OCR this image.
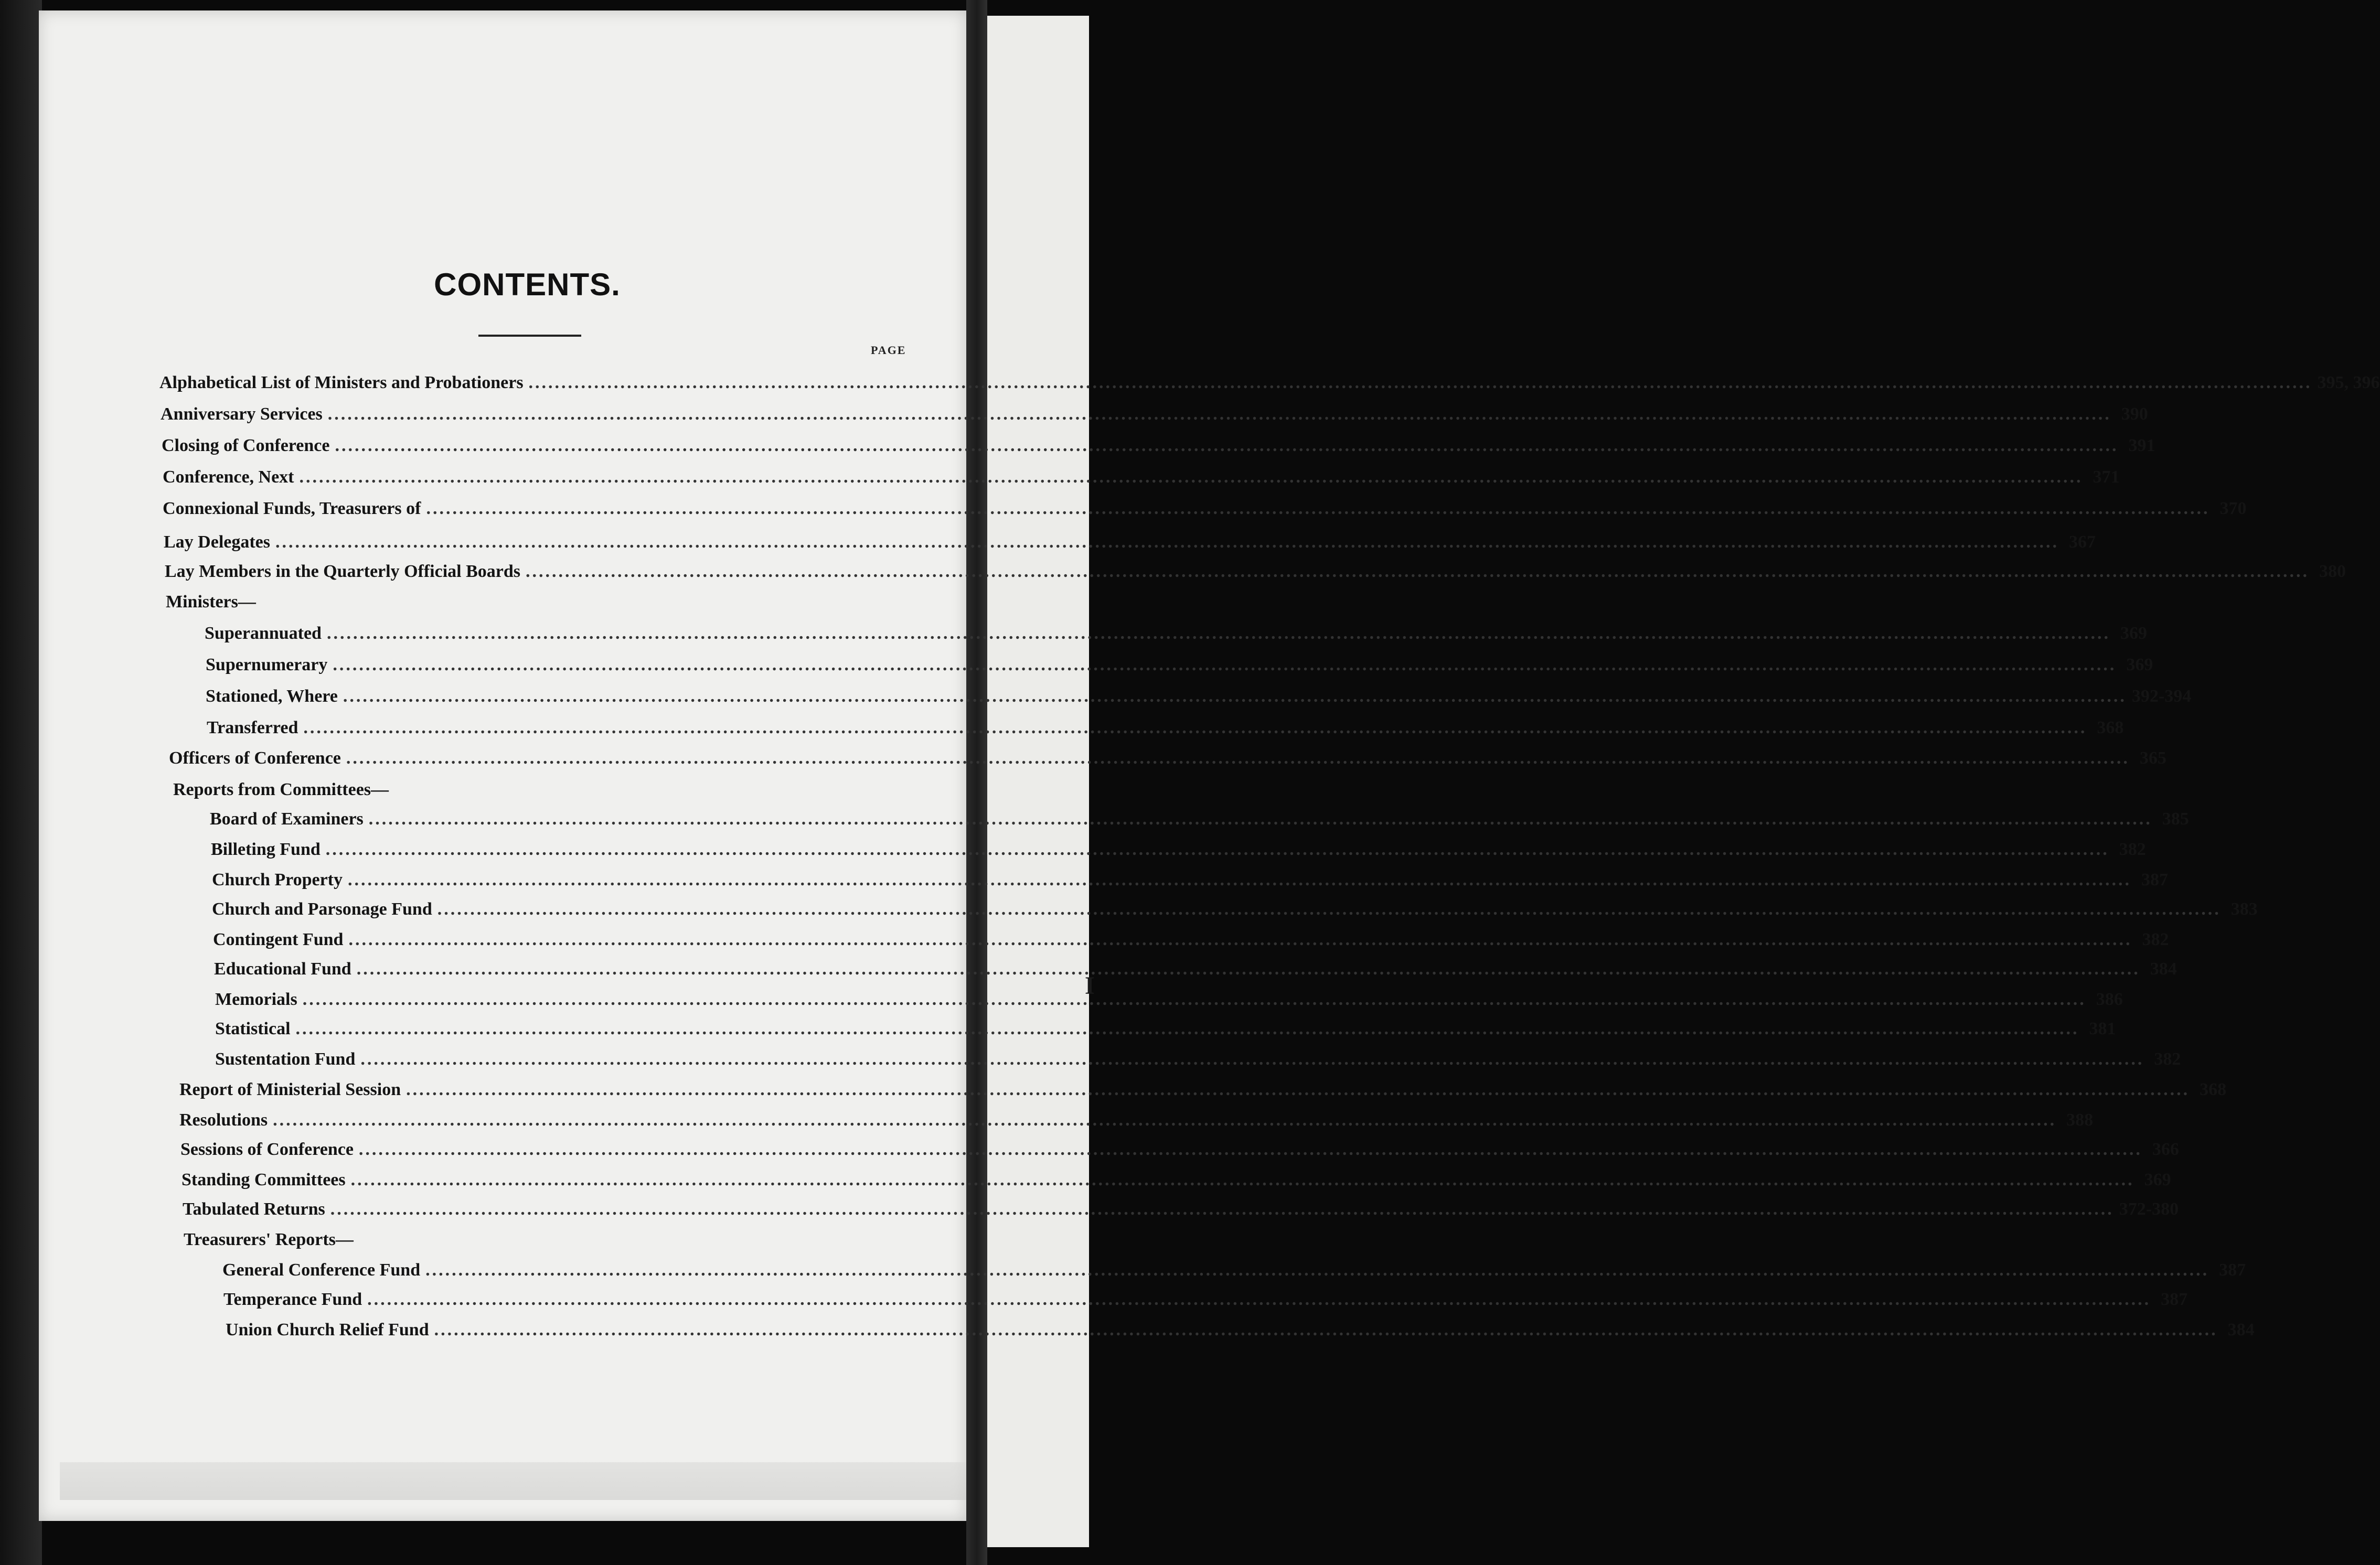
I
CONTENTS.
PAGE
Alphabetical List of Ministers and Probationers .....	395, 396
Anniversary Services .....	390
Closing of Conference .....	391
Conference, Next .....	371
Connexional Funds, Treasurers of .....	370
Lay Delegates .....	367
Lay Members in the Quarterly Official Boards .....	380
Ministers—
Superannuated .....	369
Supernumerary .....	369
Stationed, Where .....	392-394
Transferred .....	368
Officers of Conference .....	365
Reports from Committees—
Board of Examiners .....	385
Billeting Fund .....	382
Church Property .....	387
Church and Parsonage Fund .....	383
Contingent Fund .....	382
Educational Fund .....	384
Memorials .....	386
Statistical .....	381
Sustentation Fund .....	382
Report of Ministerial Session .....	368
Resolutions .....	388
Sessions of Conference .....	366
Standing Committees .....	369
Tabulated Returns .....	372-380
Treasurers' Reports—
General Conference Fund .....	387
Temperance Fund .....	387
Union Church Relief Fund .....	384
